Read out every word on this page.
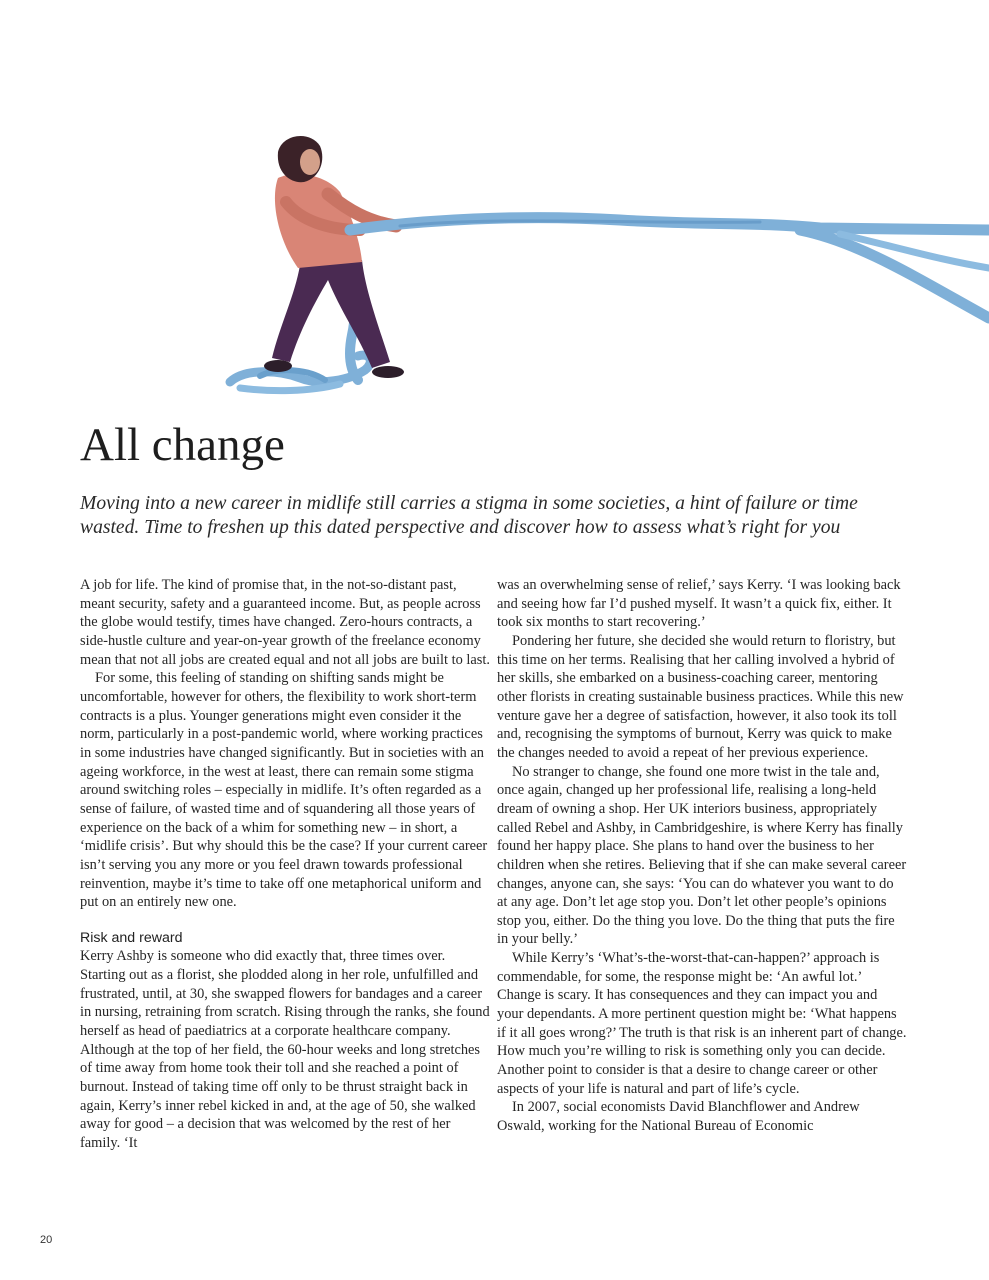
All change

Moving into a new career in midlife still carries a stigma in some societies, a hint of failure or time wasted. Time to freshen up this dated perspective and discover how to assess what’s right for you

A job for life. The kind of promise that, in the not-so-distant past, meant security, safety and a guaranteed income. But, as people across the globe would testify, times have changed. Zero-hours contracts, a side-hustle culture and year-on-year growth of the freelance economy mean that not all jobs are created equal and not all jobs are built to last.

For some, this feeling of standing on shifting sands might be uncomfortable, however for others, the flexibility to work short-term contracts is a plus. Younger generations might even consider it the norm, particularly in a post-pandemic world, where working practices in some industries have changed significantly. But in societies with an ageing workforce, in the west at least, there can remain some stigma around switching roles – especially in midlife. It’s often regarded as a sense of failure, of wasted time and of squandering all those years of experience on the back of a whim for something new – in short, a ‘midlife crisis’. But why should this be the case? If your current career isn’t serving you any more or you feel drawn towards professional reinvention, maybe it’s time to take off one metaphorical uniform and put on an entirely new one.

Risk and reward

Kerry Ashby is someone who did exactly that, three times over. Starting out as a florist, she plodded along in her role, unfulfilled and frustrated, until, at 30, she swapped flowers for bandages and a career in nursing, retraining from scratch. Rising through the ranks, she found herself as head of paediatrics at a corporate healthcare company. Although at the top of her field, the 60-hour weeks and long stretches of time away from home took their toll and she reached a point of burnout. Instead of taking time off only to be thrust straight back in again, Kerry’s inner rebel kicked in and, at the age of 50, she walked away for good – a decision that was welcomed by the rest of her family. ‘It

was an overwhelming sense of relief,’ says Kerry. ‘I was looking back and seeing how far I’d pushed myself. It wasn’t a quick fix, either. It took six months to start recovering.’

Pondering her future, she decided she would return to floristry, but this time on her terms. Realising that her calling involved a hybrid of her skills, she embarked on a business-coaching career, mentoring other florists in creating sustainable business practices. While this new venture gave her a degree of satisfaction, however, it also took its toll and, recognising the symptoms of burnout, Kerry was quick to make the changes needed to avoid a repeat of her previous experience.

No stranger to change, she found one more twist in the tale and, once again, changed up her professional life, realising a long-held dream of owning a shop. Her UK interiors business, appropriately called Rebel and Ashby, in Cambridgeshire, is where Kerry has finally found her happy place. She plans to hand over the business to her children when she retires. Believing that if she can make several career changes, anyone can, she says: ‘You can do whatever you want to do at any age. Don’t let age stop you. Don’t let other people’s opinions stop you, either. Do the thing you love. Do the thing that puts the fire in your belly.’

While Kerry’s ‘What’s-the-worst-that-can-happen?’ approach is commendable, for some, the response might be: ‘An awful lot.’ Change is scary. It has consequences and they can impact you and your dependants. A more pertinent question might be: ‘What happens if it all goes wrong?’ The truth is that risk is an inherent part of change. How much you’re willing to risk is something only you can decide. Another point to consider is that a desire to change career or other aspects of your life is natural and part of life’s cycle.

In 2007, social economists David Blanchflower and Andrew Oswald, working for the National Bureau of Economic

20
